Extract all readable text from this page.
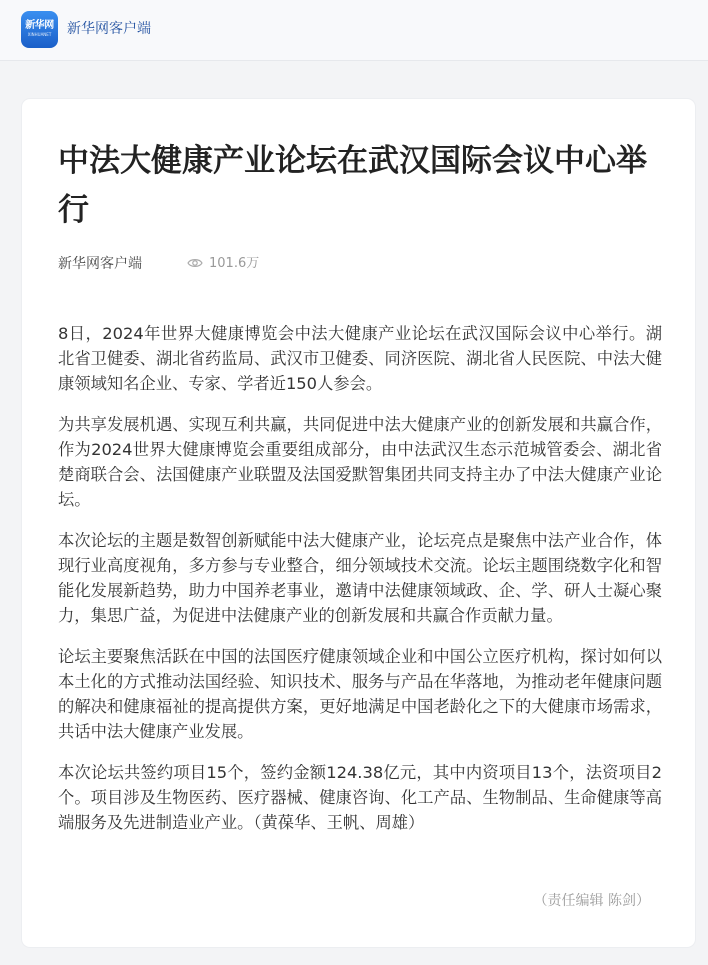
新华网
XINHUANET	新华网客户端
中法大健康产业论坛在武汉国际会议中心举行
新华网客户端	101.6万

8日，2024年世界大健康博览会中法大健康产业论坛在武汉国际会议中心举行。湖北省卫健委、湖北省药监局、武汉市卫健委、同济医院、湖北省人民医院、中法大健康领域知名企业、专家、学者近150人参会。

为共享发展机遇、实现互利共赢，共同促进中法大健康产业的创新发展和共赢合作，作为2024世界大健康博览会重要组成部分，由中法武汉生态示范城管委会、湖北省楚商联合会、法国健康产业联盟及法国爱默智集团共同支持主办了中法大健康产业论坛。

本次论坛的主题是数智创新赋能中法大健康产业，论坛亮点是聚焦中法产业合作，体现行业高度视角，多方参与专业整合，细分领域技术交流。论坛主题围绕数字化和智能化发展新趋势，助力中国养老事业，邀请中法健康领域政、企、学、研人士凝心聚力，集思广益，为促进中法健康产业的创新发展和共赢合作贡献力量。

论坛主要聚焦活跃在中国的法国医疗健康领域企业和中国公立医疗机构，探讨如何以本土化的方式推动法国经验、知识技术、服务与产品在华落地，为推动老年健康问题的解决和健康福祉的提高提供方案，更好地满足中国老龄化之下的大健康市场需求，共话中法大健康产业发展。

本次论坛共签约项目15个，签约金额124.38亿元，其中内资项目13个，法资项目2个。项目涉及生物医药、医疗器械、健康咨询、化工产品、生物制品、生命健康等高端服务及先进制造业产业。（黄葆华、王帆、周雄）

（责任编辑 陈剑）
